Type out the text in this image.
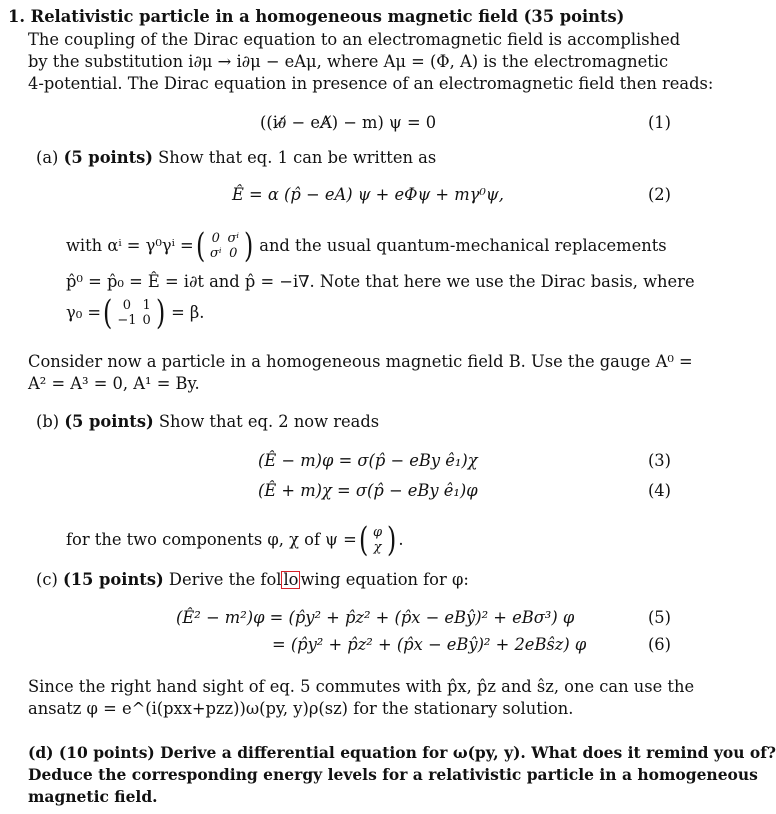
1. Relativistic particle in a homogeneous magnetic field (35 points)
The coupling of the Dirac equation to an electromagnetic field is accomplished
by the substitution i∂μ → i∂μ − eAμ, where Aμ = (Φ, A) is the electromagnetic
4-potential. The Dirac equation in presence of an electromagnetic field then reads:
((i∂̸ − eA̸) − m) ψ = 0	(1)
(a) (5 points) Show that eq. 1 can be written as
Ê = α (p̂ − eA) ψ + eΦψ + mγ⁰ψ,	(2)
with αⁱ = γ⁰γⁱ = ( 0	σⁱ
σⁱ	0 ) and the usual quantum-mechanical replacements
p̂⁰ = p̂₀ = Ê = i∂t and p̂ = −i∇. Note that here we use the Dirac basis, where
γ₀ = ( 0	1
−1	0 ) = β.
Consider now a particle in a homogeneous magnetic field B. Use the gauge A⁰ =
A² = A³ = 0, A¹ = By.
(b) (5 points) Show that eq. 2 now reads
(Ê − m)φ = σ(p̂ − eBy ê₁)χ	(3)
(Ê + m)χ = σ(p̂ − eBy ê₁)φ	(4)
for the two components φ, χ of ψ = ( φ
χ ) .
(c) (15 points) Derive the fol lo wing equation for φ:
(Ê² − m²)φ = (p̂y² + p̂z² + (p̂x − eBŷ)² + eBσ³) φ	(5)
= (p̂y² + p̂z² + (p̂x − eBŷ)² + 2eBŝz) φ	(6)
Since the right hand sight of eq. 5 commutes with p̂x, p̂z and ŝz, one can use the
ansatz φ = e^(i(pxx+pzz))ω(py, y)ρ(sz) for the stationary solution.
(d) (10 points) Derive a differential equation for ω(py, y). What does it remind you of?
Deduce the corresponding energy levels for a relativistic particle in a homogeneous
magnetic field.
